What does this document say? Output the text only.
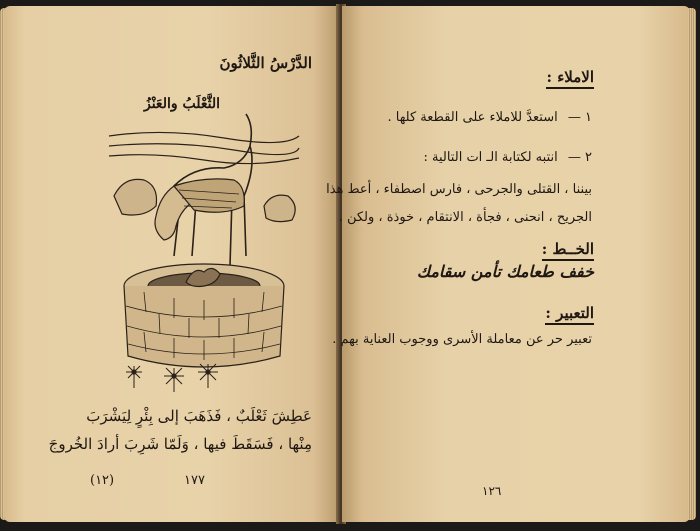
الدَّرْسُ الثَّلاثُونَ
الثَّعْلَبُ والعَنْزُ
عَطِشَ ثَعْلَبٌ ، فَذَهَبَ إلى بِئْرٍ لِيَشْرَبَ
مِنْها ، فَسَقَطَ فيها ، وَلَمّا شَرِبَ أرادَ الخُروجَ
١٧٧
(١٢)
الاملاء :
١ — استعدَّ للاملاء على القطعة كلها .
٢ — انتبه لكتابة الـ ات التالية :
بيننا ، القتلى والجرحى ، فارس اصطفاء ، أعط هذا
الجريح ، انحنى ، فجأة ، الانتقام ، خوذة ، ولكن .
الخــط :
خفف طعامك تأمن سقامك
التعبير :
تعبير حر عن معاملة الأسرى ووجوب العناية بهم .
١٢٦
